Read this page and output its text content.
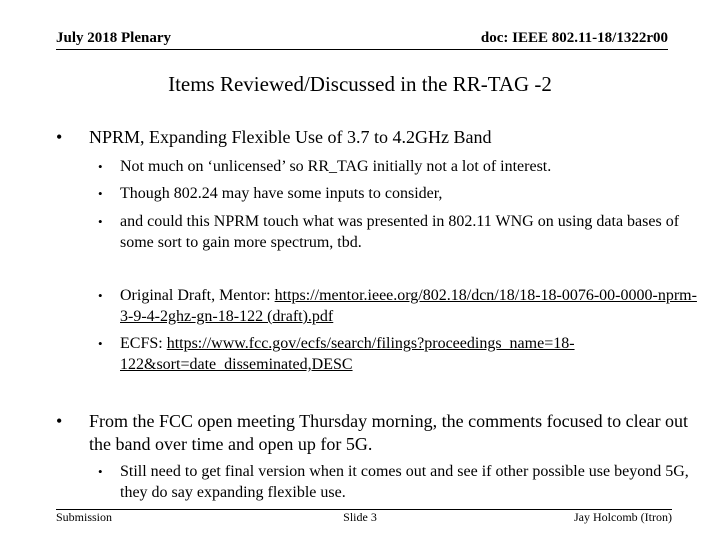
July 2018 Plenary	doc: IEEE 802.11-18/1322r00
Items Reviewed/Discussed in the RR-TAG -2
• NPRM, Expanding Flexible Use of 3.7 to 4.2GHz Band
• Not much on ‘unlicensed’ so RR_TAG initially not a lot of interest.
• Though 802.24 may have some inputs to consider,
• and could this NPRM touch what was presented in 802.11 WNG on using data bases of some sort to gain more spectrum, tbd.
• Original Draft, Mentor: https://mentor.ieee.org/802.18/dcn/18/18-18-0076-00-0000-nprm-3-9-4-2ghz-gn-18-122 (draft).pdf
• ECFS: https://www.fcc.gov/ecfs/search/filings?proceedings_name=18-122&sort=date_disseminated,DESC
• From the FCC open meeting Thursday morning, the comments focused to clear out the band over time and open up for 5G.
• Still need to get final version when it comes out and see if other possible use beyond 5G, they do say expanding flexible use.
Submission	Slide 3	Jay Holcomb (Itron)
